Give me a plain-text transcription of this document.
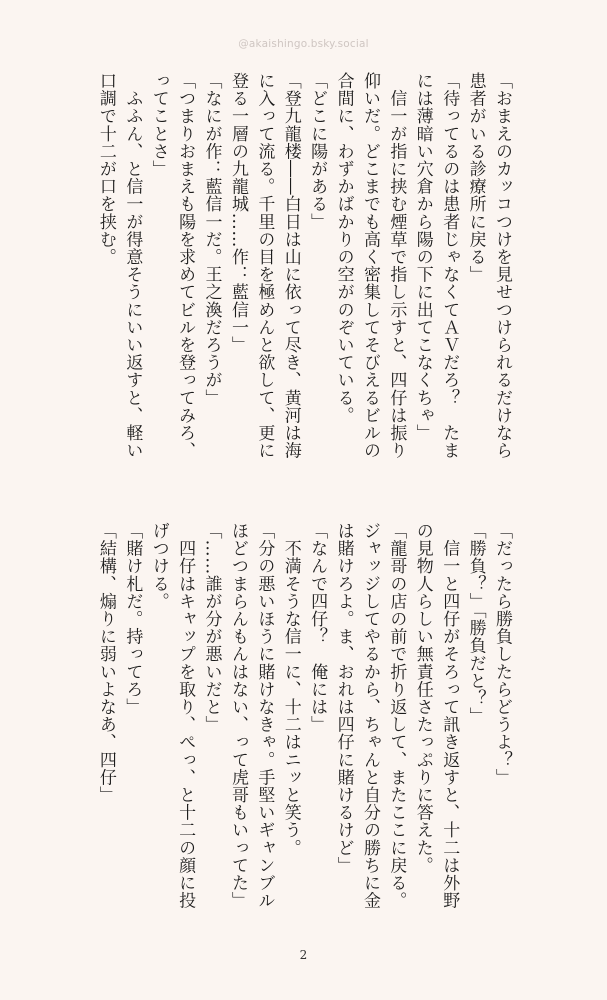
@akaishingo.bsky.social
「おまえのカッコつけを見せつけられるだけなら
患者がいる診療所に戻る」
「待ってるのは患者じゃなくてＡＶだろ？　たま
には薄暗い穴倉から陽の下に出てこなくちゃ」
　信一が指に挟む煙草で指し示すと、四仔は振り
仰いだ。どこまでも高く密集してそびえるビルの
合間に、わずかばかりの空がのぞいている。
「どこに陽がある」
「登九龍楼――白日は山に依って尽き、黄河は海
に入って流る。千里の目を極めんと欲して、更に
登る一層の九龍城……作：藍信一」
「なにが作：藍信一だ。王之渙だろうが」
「つまりおまえも陽を求めてビルを登ってみろ、
ってことさ」
　ふふん、と信一が得意そうにいい返すと、軽い
口調で十二が口を挟む。
「だったら勝負したらどうよ？」
「勝負？」「勝負だと？」
　信一と四仔がそろって訊き返すと、十二は外野
の見物人らしい無責任さたっぷりに答えた。
「龍哥の店の前で折り返して、またここに戻る。
ジャッジしてやるから、ちゃんと自分の勝ちに金
は賭けろよ。ま、おれは四仔に賭けるけど」
「なんで四仔？　俺には」
　不満そうな信一に、十二はニッと笑う。
「分の悪いほうに賭けなきゃ。手堅いギャンブル
ほどつまらんもんはない、って虎哥もいってた」
「……誰が分が悪いだと」
　四仔はキャップを取り、ぺっ、と十二の顔に投
げつける。
「賭け札だ。持ってろ」
「結構、煽りに弱いよなあ、四仔」
2
